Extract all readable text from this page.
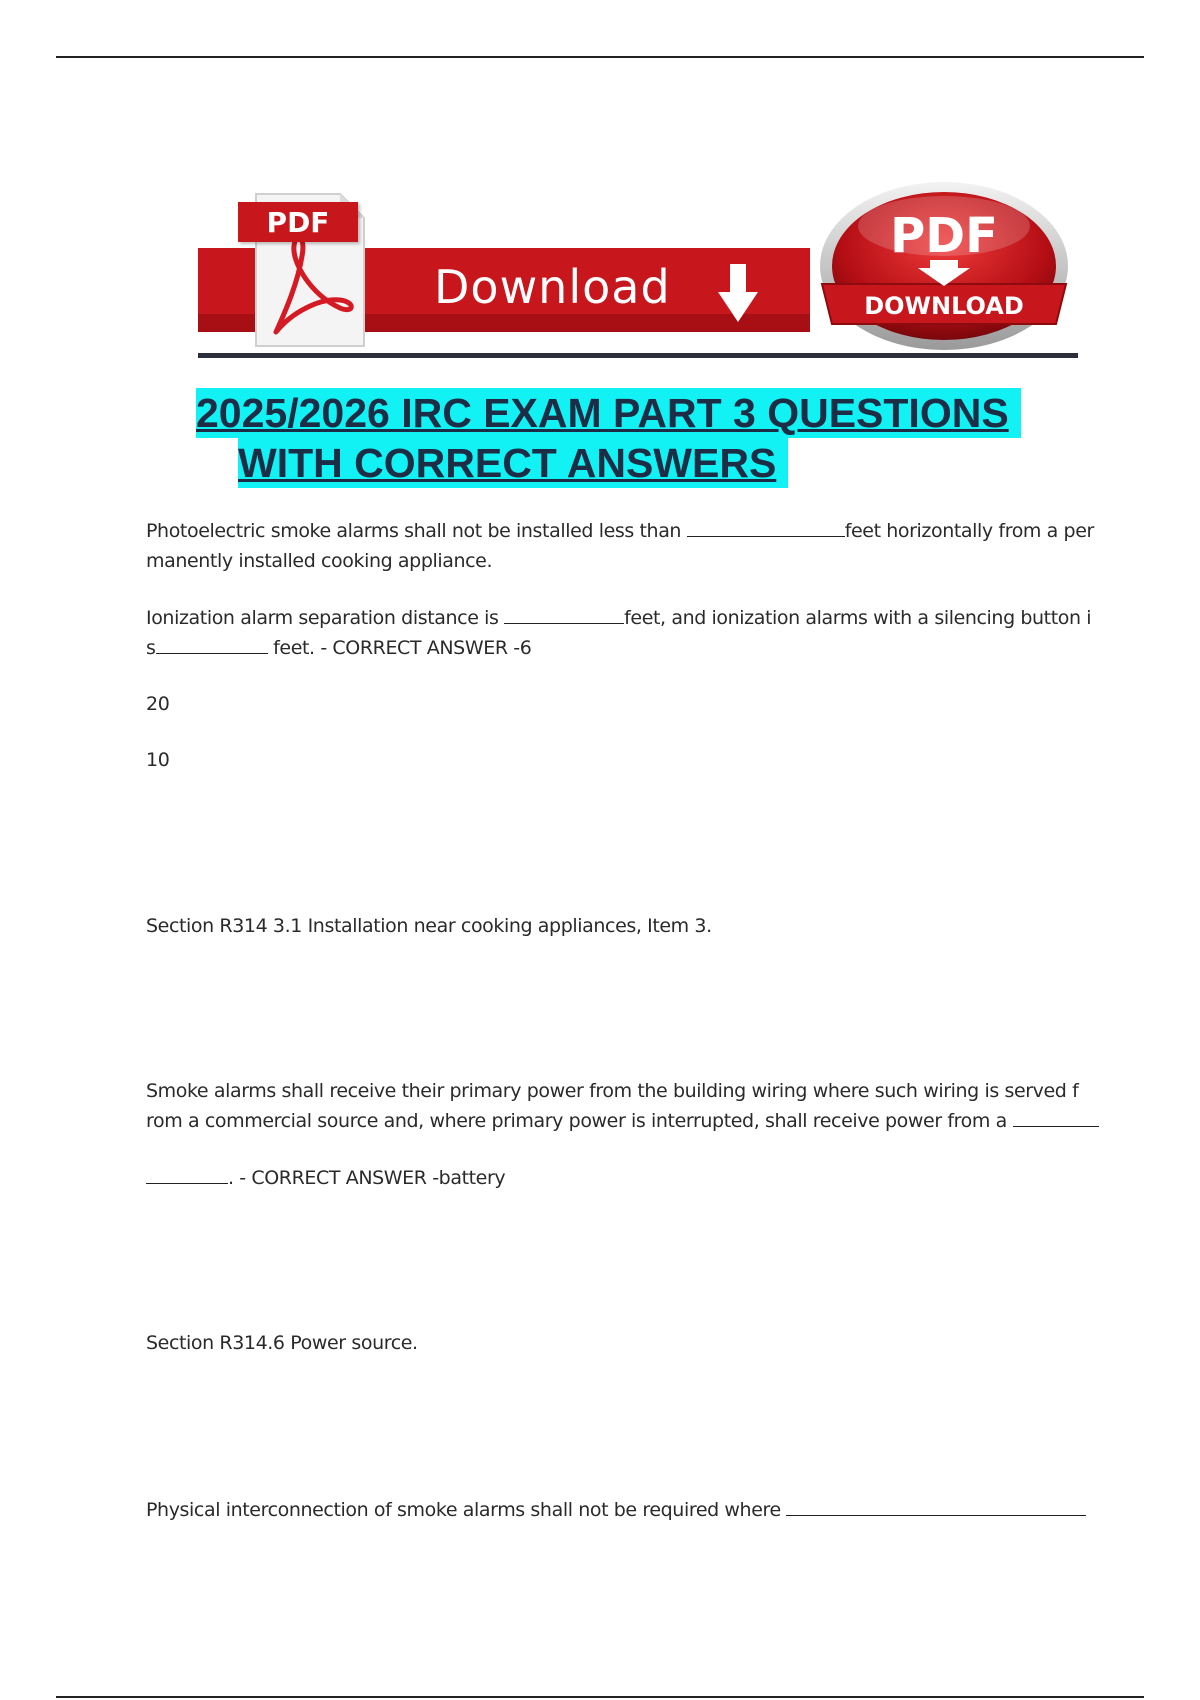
Download
PDF	PDF
DOWNLOAD
2025/2026 IRC EXAM PART 3 QUESTIONS
WITH CORRECT ANSWERS
Photoelectric smoke alarms shall not be installed less than	feet horizontally from a per
manently installed cooking appliance.
Ionization alarm separation distance is	feet, and ionization alarms with a silencing button i
s	feet. - CORRECT ANSWER -6
20
10
Section R314 3.1 Installation near cooking appliances, Item 3.
Smoke alarms shall receive their primary power from the building wiring where such wiring is served f
rom a commercial source and, where primary power is interrupted, shall receive power from a
. - CORRECT ANSWER -battery
Section R314.6 Power source.
Physical interconnection of smoke alarms shall not be required where
